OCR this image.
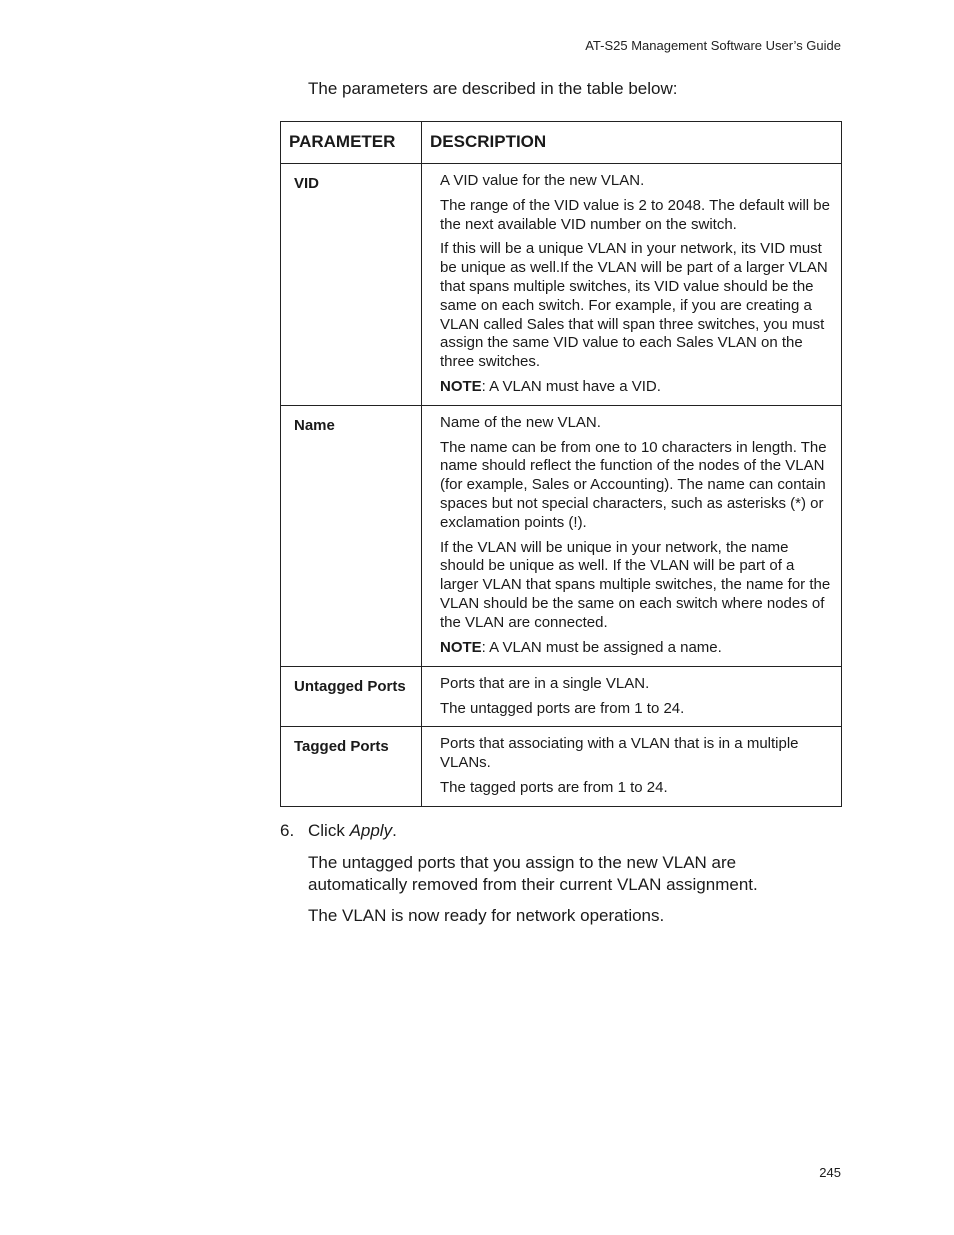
AT-S25 Management Software User’s Guide

The parameters are described in the table below:

PARAMETER	DESCRIPTION
VID	A VID value for the new VLAN.

The range of the VID value is 2 to 2048. The default will be the next available VID number on the switch.

If this will be a unique VLAN in your network, its VID must be unique as well.If the VLAN will be part of a larger VLAN that spans multiple switches, its VID value should be the same on each switch. For example, if you are creating a VLAN called Sales that will span three switches, you must assign the same VID value to each Sales VLAN on the three switches.

NOTE: A VLAN must have a VID.

Name	Name of the new VLAN.

The name can be from one to 10 characters in length. The name should reflect the function of the nodes of the VLAN (for example, Sales or Accounting). The name can contain spaces but not special characters, such as asterisks (*) or exclamation points (!).

If the VLAN will be unique in your network, the name should be unique as well. If the VLAN will be part of a larger VLAN that spans multiple switches, the name for the VLAN should be the same on each switch where nodes of the VLAN are connected.

NOTE: A VLAN must be assigned a name.

Untagged Ports	Ports that are in a single VLAN.

The untagged ports are from 1 to 24.

Tagged Ports	Ports that associating with a VLAN that is in a multiple VLANs.

The tagged ports are from 1 to 24.

6. Click Apply.

The untagged ports that you assign to the new VLAN are automatically removed from their current VLAN assignment.

The VLAN is now ready for network operations.

245
